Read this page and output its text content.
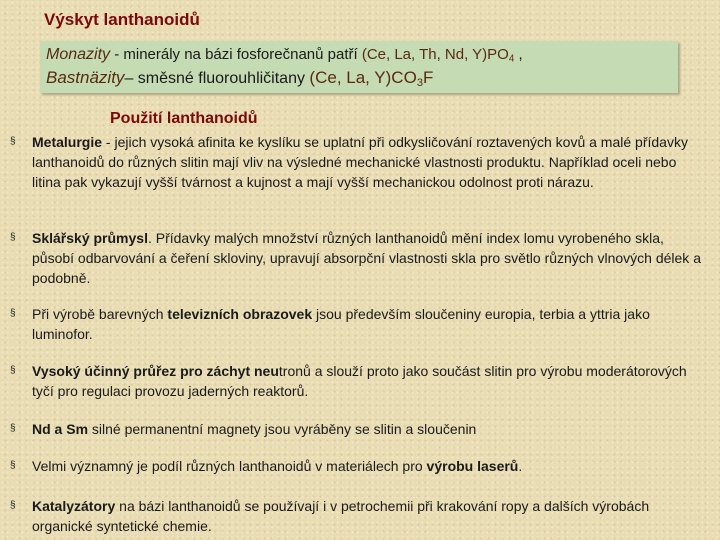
Výskyt lanthanoidů
Monazity - minerály na bázi fosforečnanů patří (Ce, La, Th, Nd, $Y)PO_4$ ,
Bastnäzity– směsné fluorouhličitany (Ce, La, $Y)CO_3F$
Použití lanthanoidů
§ Metalurgie - jejich vysoká afinita ke kyslíku se uplatní při odkysličování roztavených kovů a malé přídavky lanthanoidů do různých slitin mají vliv na výsledné mechanické vlastnosti produktu. Například oceli nebo litina pak vykazují vyšší tvárnost a kujnost a mají vyšší mechanickou odolnost proti nárazu.
§ Sklářský průmysl. Přídavky malých množství různých lanthanoidů mění index lomu vyrobeného skla, působí odbarvování a čeření skloviny, upravují absorpční vlastnosti skla pro světlo různých vlnových délek a podobně.
§ Při výrobě barevných televizních obrazovek jsou především sloučeniny europia, terbia a yttria jako luminofor.
§ Vysoký účinný průřez pro záchyt neutronů a slouží proto jako součást slitin pro výrobu moderátorových tyčí pro regulaci provozu jaderných reaktorů.
§ Nd a Sm silné permanentní magnety jsou vyráběny se slitin a sloučenin
§ Velmi významný je podíl různých lanthanoidů v materiálech pro výrobu laserů.
§ Katalyzátory na bázi lanthanoidů se používají i v petrochemii při krakování ropy a dalších výrobách organické syntetické chemie.
